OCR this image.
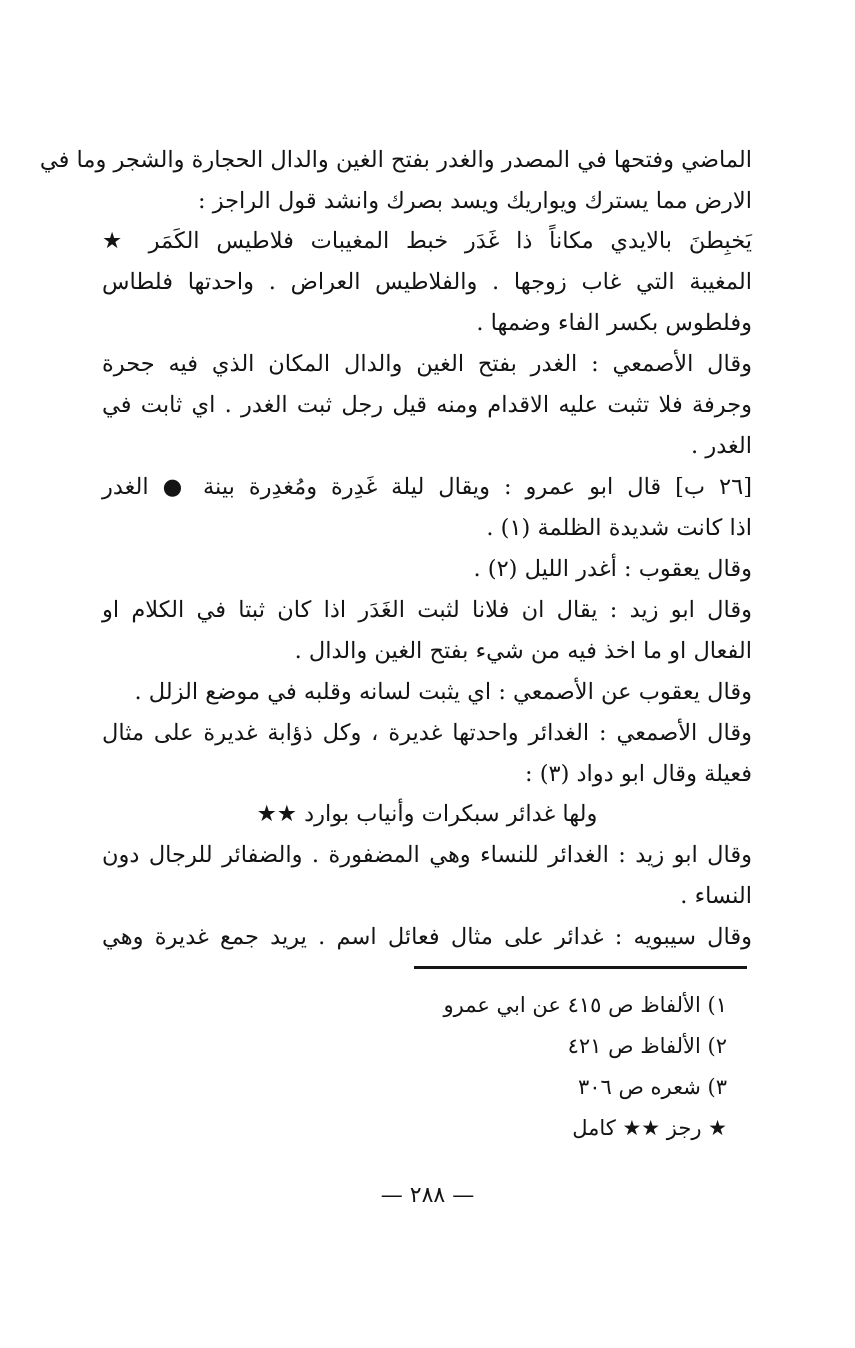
الماضي وفتحها في المصدر والغدر بفتح الغين والدال الحجارة والشجر وما في
الارض مما يسترك ويواريك ويسد بصرك وانشد قول الراجز :
يَخبِطنَ بالايدي مكاناً ذا غَدَر خبط المغيبات فلاطيس الكَمَر ★
المغيبة التي غاب زوجها . والفلاطيس العراض . واحدتها فلطاس
وفلطوس بكسر الفاء وضمها .
وقال الأصمعي : الغدر بفتح الغين والدال المكان الذي فيه جحرة
وجرفة فلا تثبت عليه الاقدام ومنه قيل رجل ثبت الغدر . اي ثابت في
الغدر .
[٢٦ ب] قال ابو عمرو : ويقال ليلة غَدِرة ومُغدِرة بينة ● الغدر
اذا كانت شديدة الظلمة (١) .
وقال يعقوب : أغدر الليل (٢) .
وقال ابو زيد : يقال ان فلانا لثبت الغَدَر اذا كان ثبتا في الكلام او
الفعال او ما اخذ فيه من شيء بفتح الغين والدال .
وقال يعقوب عن الأصمعي : اي يثبت لسانه وقلبه في موضع الزلل .
وقال الأصمعي : الغدائر واحدتها غديرة ، وكل ذؤابة غديرة على مثال
فعيلة وقال ابو دواد (٣) :
ولها غدائر سبكرات وأنياب بوارد ★★
وقال ابو زيد : الغدائر للنساء وهي المضفورة . والضفائر للرجال دون
النساء .
وقال سيبويه : غدائر على مثال فعائل اسم . يريد جمع غديرة وهي
١) الألفاظ ص ٤١٥ عن ابي عمرو
٢) الألفاظ ص ٤٢١
٣) شعره ص ٣٠٦
★ رجز ★★ كامل
— ٢٨٨ —
